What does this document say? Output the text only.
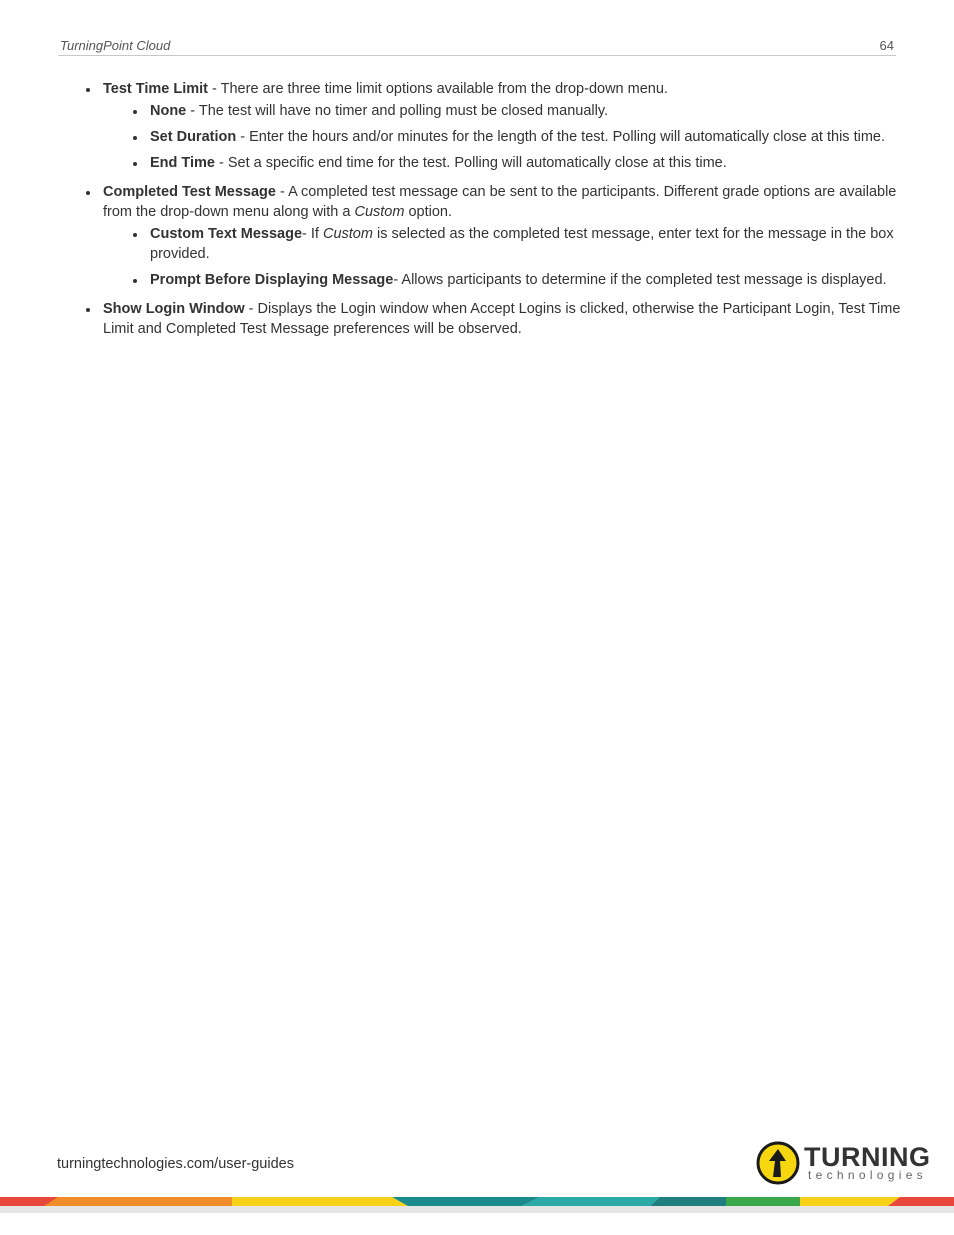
TurningPoint Cloud	64
Test Time Limit - There are three time limit options available from the drop-down menu.
None - The test will have no timer and polling must be closed manually.
Set Duration - Enter the hours and/or minutes for the length of the test. Polling will automatically close at this time.
End Time - Set a specific end time for the test. Polling will automatically close at this time.
Completed Test Message - A completed test message can be sent to the participants. Different grade options are available from the drop-down menu along with a Custom option.
Custom Text Message- If Custom is selected as the completed test message, enter text for the message in the box provided.
Prompt Before Displaying Message- Allows participants to determine if the completed test message is displayed.
Show Login Window - Displays the Login window when Accept Logins is clicked, otherwise the Participant Login, Test Time Limit and Completed Test Message preferences will be observed.
turningtechnologies.com/user-guides	TURNING
technologies
